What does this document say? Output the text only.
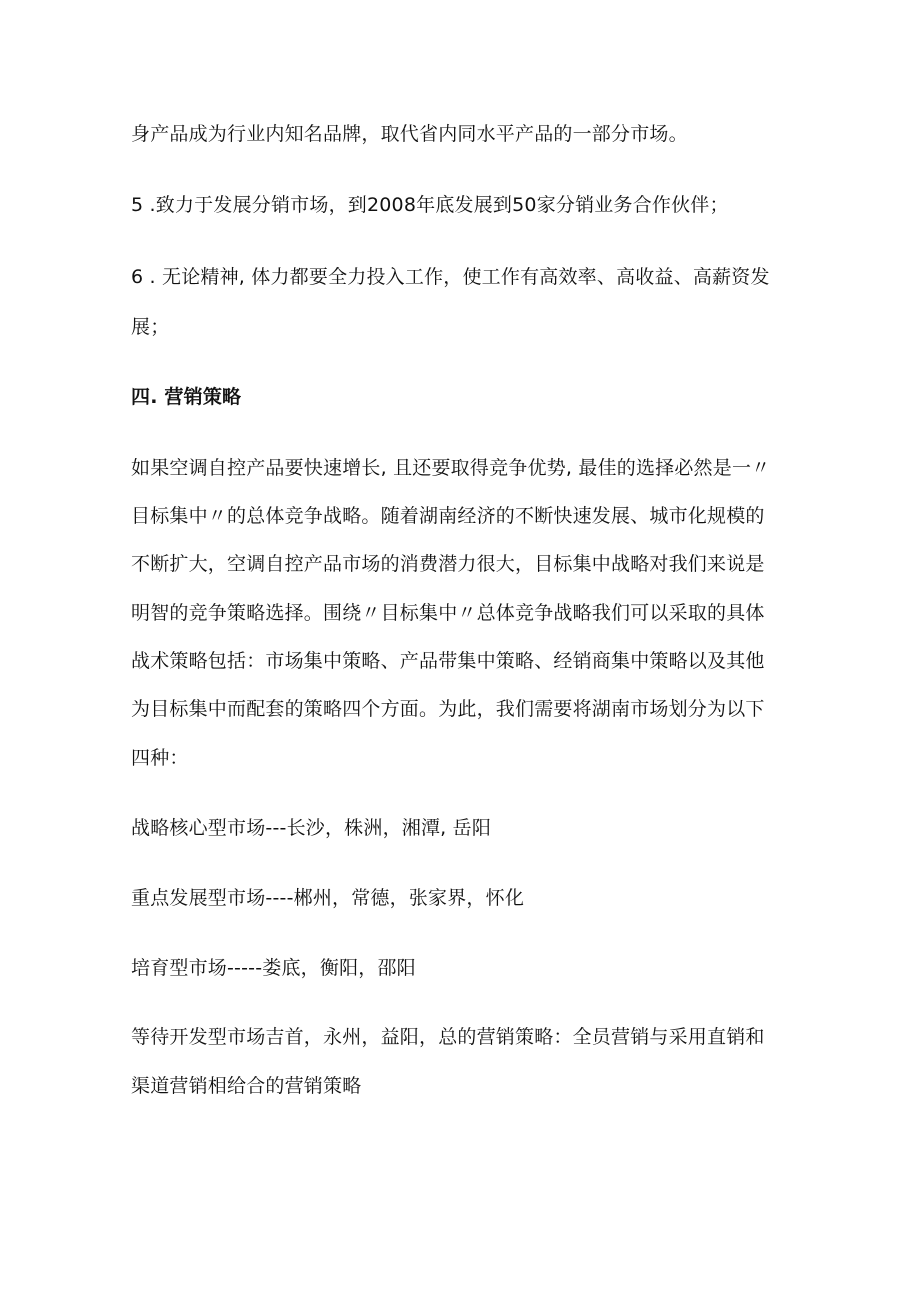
身产品成为行业内知名品牌，取代省内同水平产品的一部分市场。
5 .致力于发展分销市场，到2008年底发展到50家分销业务合作伙伴；
6 . 无论精神, 体力都要全力投入工作，使工作有高效率、高收益、高薪资发
展；
四. 营销策略
如果空调自控产品要快速增长, 且还要取得竞争优势, 最佳的选择必然是一〃
目标集中〃的总体竞争战略。随着湖南经济的不断快速发展、城市化规模的
不断扩大，空调自控产品市场的消费潜力很大，目标集中战略对我们来说是
明智的竞争策略选择。围绕〃目标集中〃总体竞争战略我们可以采取的具体
战术策略包括：市场集中策略、产品带集中策略、经销商集中策略以及其他
为目标集中而配套的策略四个方面。为此，我们需要将湖南市场划分为以下
四种：
战略核心型市场---长沙，株洲，湘潭, 岳阳
重点发展型市场----郴州，常德，张家界，怀化
培育型市场-----娄底，衡阳，邵阳
等待开发型市场吉首，永州，益阳，总的营销策略：全员营销与采用直销和
渠道营销相给合的营销策略
